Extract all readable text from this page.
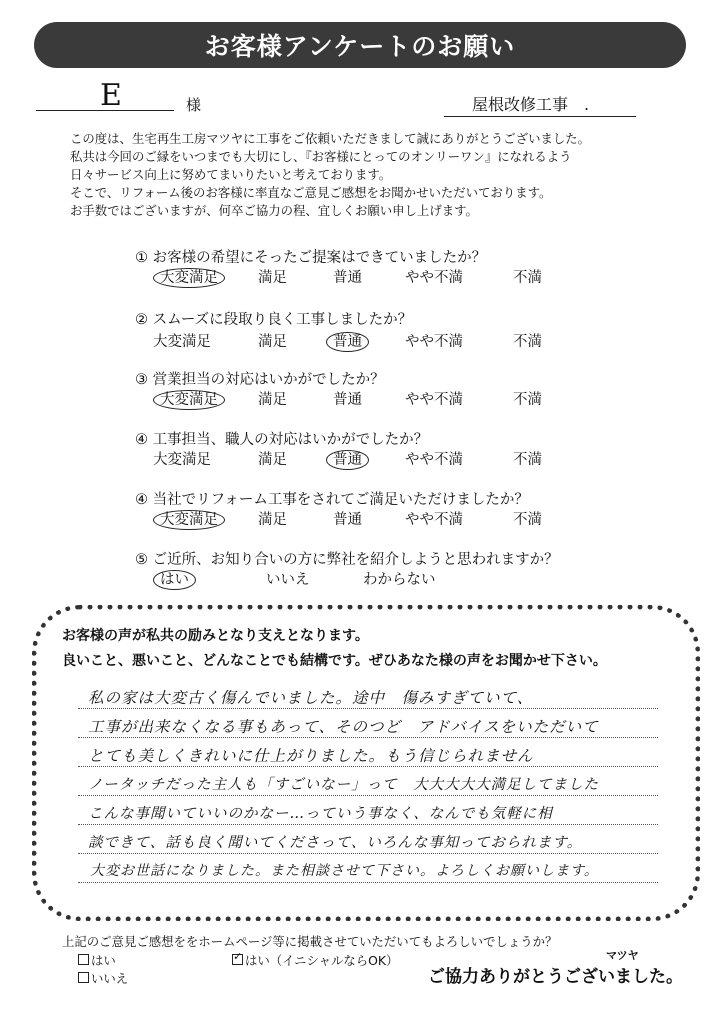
お客様アンケートのお願い
E	様	屋根改修工事　.
この度は、生宅再生工房マツヤに工事をご依頼いただきまして誠にありがとうございました。
私共は今回のご縁をいつまでも大切にし、『お客様にとってのオンリーワン』になれるよう
日々サービス向上に努めてまいりたいと考えております。
そこで、リフォーム後のお客様に率直なご意見ご感想をお聞かせいただいております。
お手数ではございますが、何卒ご協力の程、宜しくお願い申し上げます。
① お客様の希望にそったご提案はできていましたか？
大変満足	満足	普通	やや不満	不満
② スムーズに段取り良く工事しましたか？
大変満足	満足	普通	やや不満	不満
③ 営業担当の対応はいかがでしたか？
大変満足	満足	普通	やや不満	不満
④ 工事担当、職人の対応はいかがでしたか？
大変満足	満足	普通	やや不満	不満
④ 当社でリフォーム工事をされてご満足いただけましたか？
大変満足	満足	普通	やや不満	不満
⑤ ご近所、お知り合いの方に弊社を紹介しようと思われますか？
はい	いいえ	わからない
お客様の声が私共の励みとなり支えとなります。
良いこと、悪いこと、どんなことでも結構です。ぜひあなた様の声をお聞かせ下さい。
私の家は大変古く傷んでいました。途中　傷みすぎていて、
工事が出来なくなる事もあって、そのつど　アドバイスをいただいて
とても美しくきれいに仕上がりました。もう信じられません
ノータッチだった主人も「すごいなー」って　大大大大大満足してました
こんな事聞いていいのかなー…っていう事なく、なんでも気軽に相
談できて、話も良く聞いてくださって、いろんな事知っておられます。
大変お世話になりました。また相談させて下さい。よろしくお願いします。
上記のご意見ご感想ををホームページ等に掲載させていただいてもよろしいでしょうか？
はい
いいえ
✓ はい（イニシャルならOK）	マツヤ
ご協力ありがとうございました。
